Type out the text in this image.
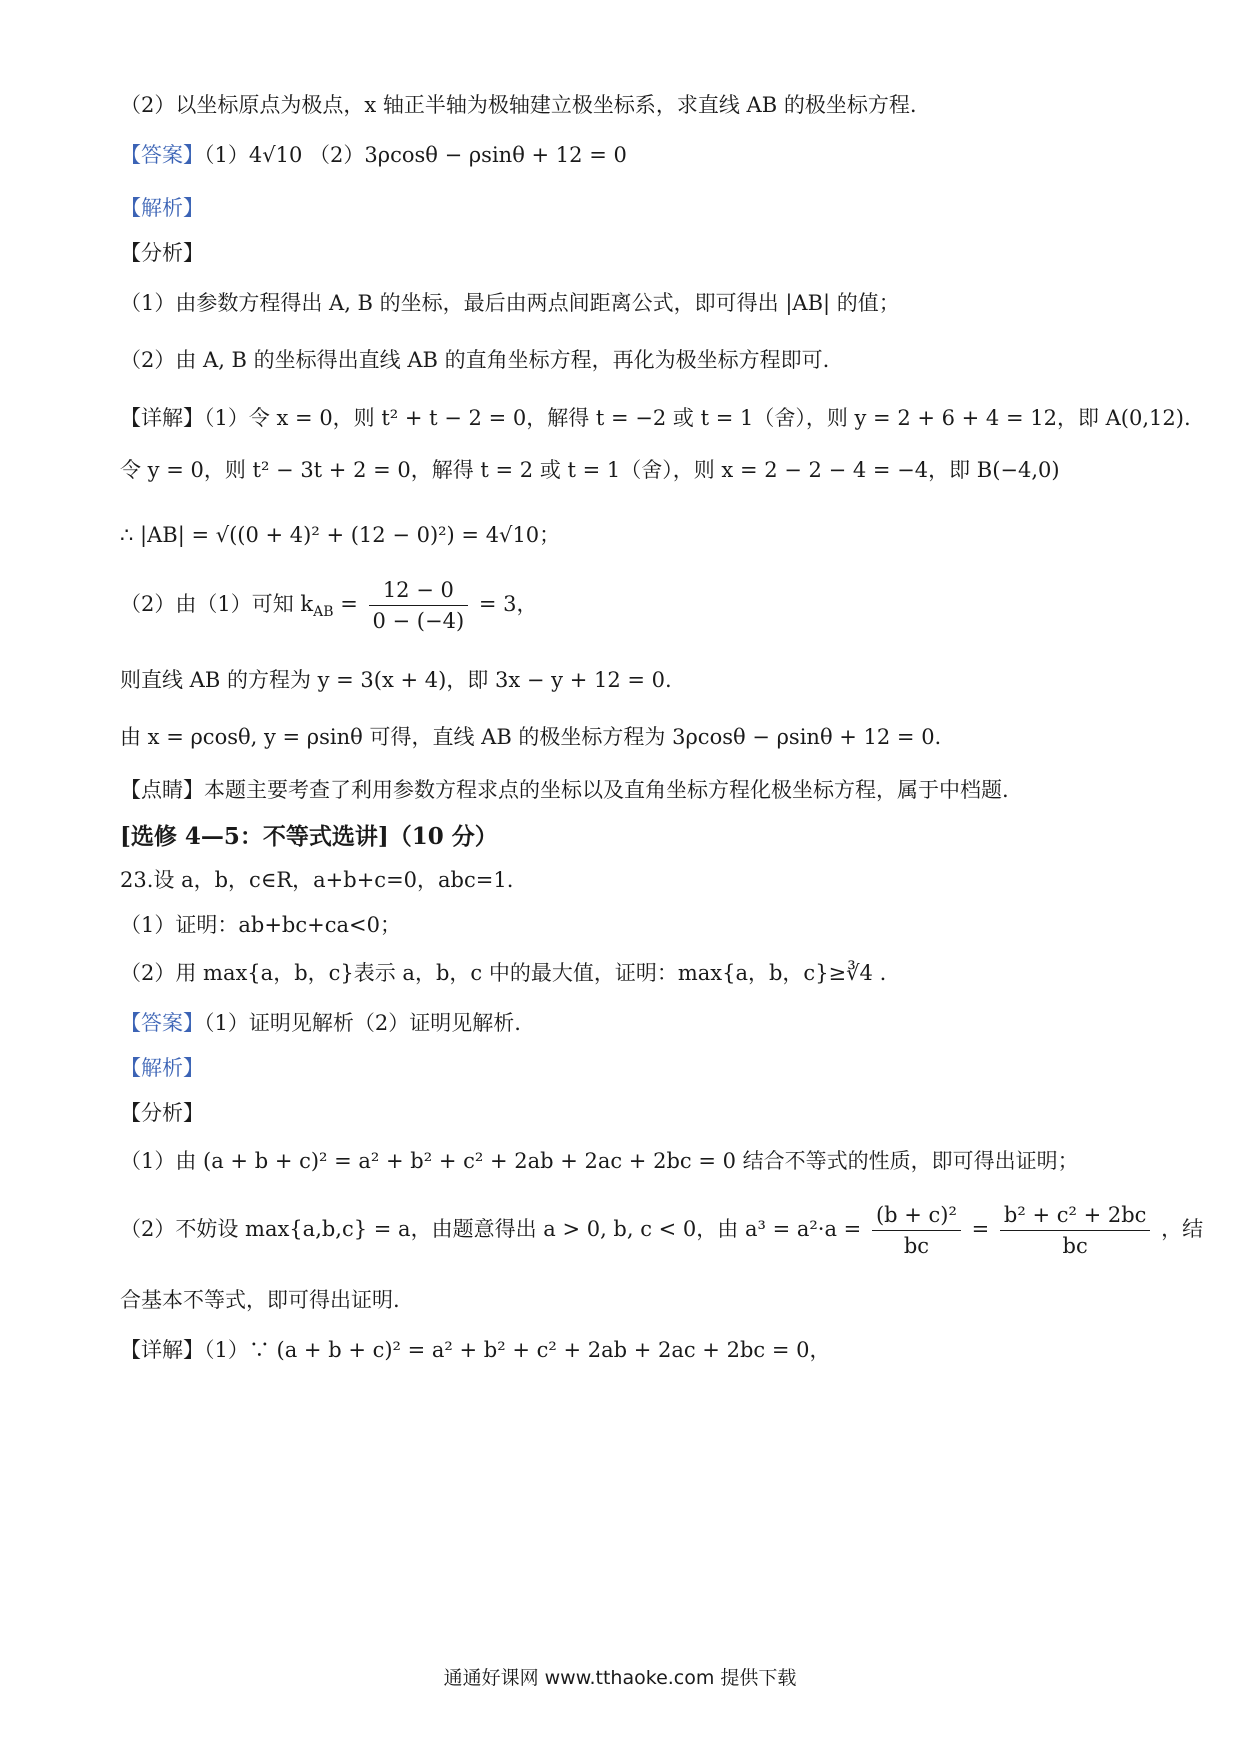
（2）以坐标原点为极点，x 轴正半轴为极轴建立极坐标系，求直线 AB 的极坐标方程.
【答案】（1）4√10 （2）3ρcosθ − ρsinθ + 12 = 0
【解析】
【分析】
（1）由参数方程得出 A, B 的坐标，最后由两点间距离公式，即可得出 |AB| 的值；
（2）由 A, B 的坐标得出直线 AB 的直角坐标方程，再化为极坐标方程即可.
【详解】（1）令 x = 0，则 t² + t − 2 = 0，解得 t = −2 或 t = 1（舍），则 y = 2 + 6 + 4 = 12，即 A(0,12).
令 y = 0，则 t² − 3t + 2 = 0，解得 t = 2 或 t = 1（舍），则 x = 2 − 2 − 4 = −4，即 B(−4,0)
∴ |AB| = √((0 + 4)² + (12 − 0)²) = 4√10；
（2）由（1）可知 $k_{AB} = \frac{12 - 0}{0 - (-4)} = 3$，
则直线 AB 的方程为 y = 3(x + 4)，即 3x − y + 12 = 0.
由 x = ρcosθ, y = ρsinθ 可得，直线 AB 的极坐标方程为 3ρcosθ − ρsinθ + 12 = 0.
【点睛】本题主要考查了利用参数方程求点的坐标以及直角坐标方程化极坐标方程，属于中档题.
[选修 4—5：不等式选讲]（10 分）
23.设 a，b，c∈R，a+b+c=0，abc=1.
（1）证明：ab+bc+ca<0；
（2）用 max{a，b，c}表示 a，b，c 中的最大值，证明：max{a，b，c}≥∛4 .
【答案】（1）证明见解析（2）证明见解析.
【解析】
【分析】
（1）由 (a + b + c)² = a² + b² + c² + 2ab + 2ac + 2bc = 0 结合不等式的性质，即可得出证明；
（2）不妨设 max{a,b,c} = a，由题意得出 a > 0, b, c < 0，由 $a^3 = a^2\cdot a = \frac{\text{(b + c)²}}{bc} = \frac{\text{b² + c² + 2bc}}{bc}$ ，结
合基本不等式，即可得出证明.
【详解】（1）∵ (a + b + c)² = a² + b² + c² + 2ab + 2ac + 2bc = 0，
通通好课网 www.tthaoke.com 提供下载
